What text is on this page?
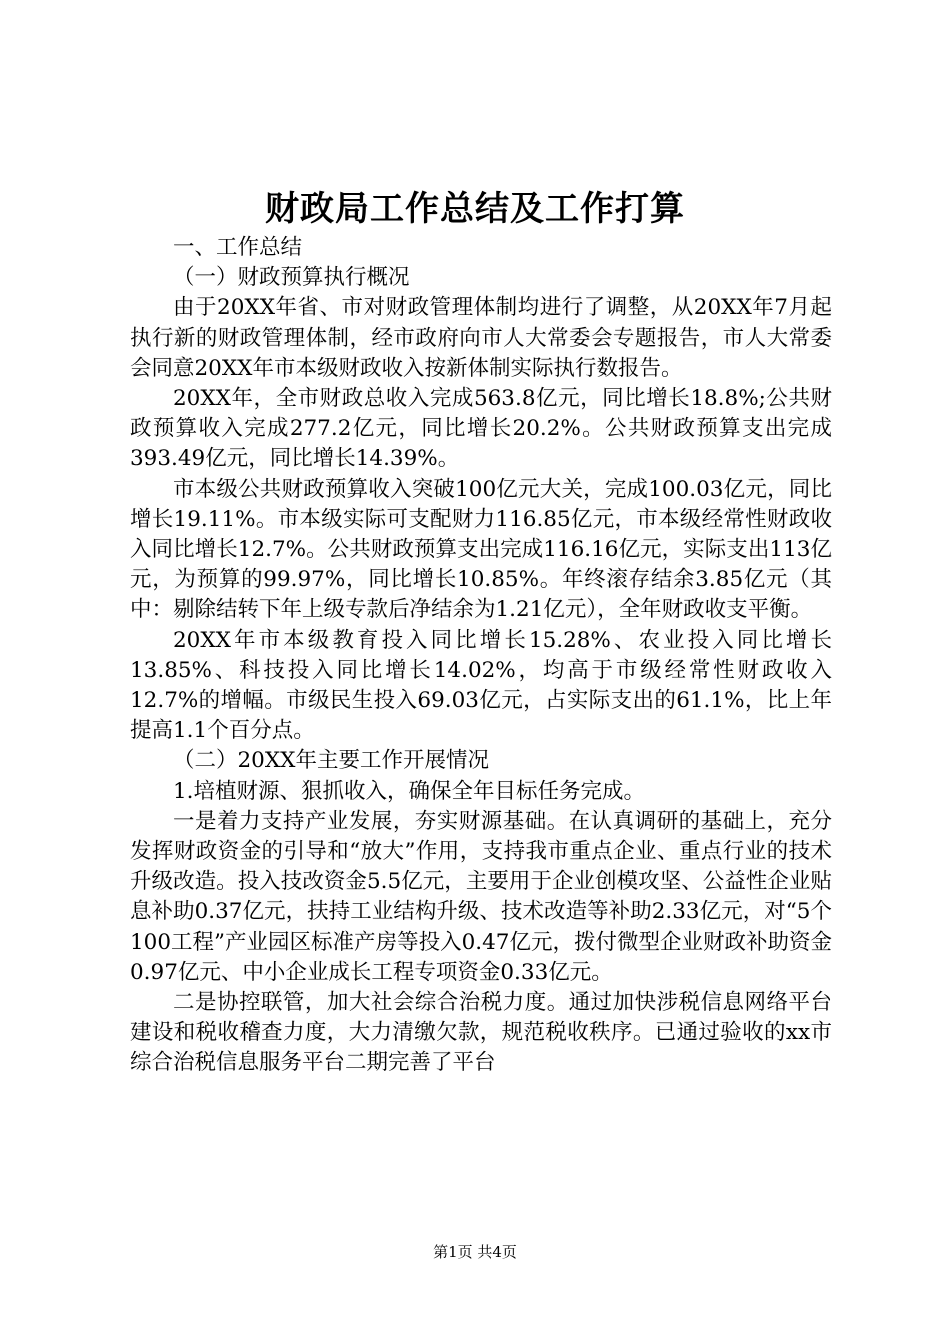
财政局工作总结及工作打算

一、工作总结

（一）财政预算执行概况

由于20XX年省、市对财政管理体制均进行了调整，从20XX年7月起执行新的财政管理体制，经市政府向市人大常委会专题报告，市人大常委会同意20XX年市本级财政收入按新体制实际执行数报告。

20XX年，全市财政总收入完成563.8亿元，同比增长18.8%;公共财政预算收入完成277.2亿元，同比增长20.2%。公共财政预算支出完成393.49亿元，同比增长14.39%。

市本级公共财政预算收入突破100亿元大关，完成100.03亿元，同比增长19.11%。市本级实际可支配财力116.85亿元，市本级经常性财政收入同比增长12.7%。公共财政预算支出完成116.16亿元，实际支出113亿元，为预算的99.97%，同比增长10.85%。年终滚存结余3.85亿元（其中：剔除结转下年上级专款后净结余为1.21亿元），全年财政收支平衡。

20XX年市本级教育投入同比增长15.28%、农业投入同比增长13.85%、科技投入同比增长14.02%，均高于市级经常性财政收入12.7%的增幅。市级民生投入69.03亿元，占实际支出的61.1%，比上年提高1.1个百分点。

（二）20XX年主要工作开展情况

1.培植财源、狠抓收入，确保全年目标任务完成。

一是着力支持产业发展，夯实财源基础。在认真调研的基础上，充分发挥财政资金的引导和“放大”作用，支持我市重点企业、重点行业的技术升级改造。投入技改资金5.5亿元，主要用于企业创模攻坚、公益性企业贴息补助0.37亿元，扶持工业结构升级、技术改造等补助2.33亿元，对“5个100工程”产业园区标准产房等投入0.47亿元，拨付微型企业财政补助资金0.97亿元、中小企业成长工程专项资金0.33亿元。

二是协控联管，加大社会综合治税力度。通过加快涉税信息网络平台建设和税收稽查力度，大力清缴欠款，规范税收秩序。已通过验收的xx市综合治税信息服务平台二期完善了平台

第1页 共4页
